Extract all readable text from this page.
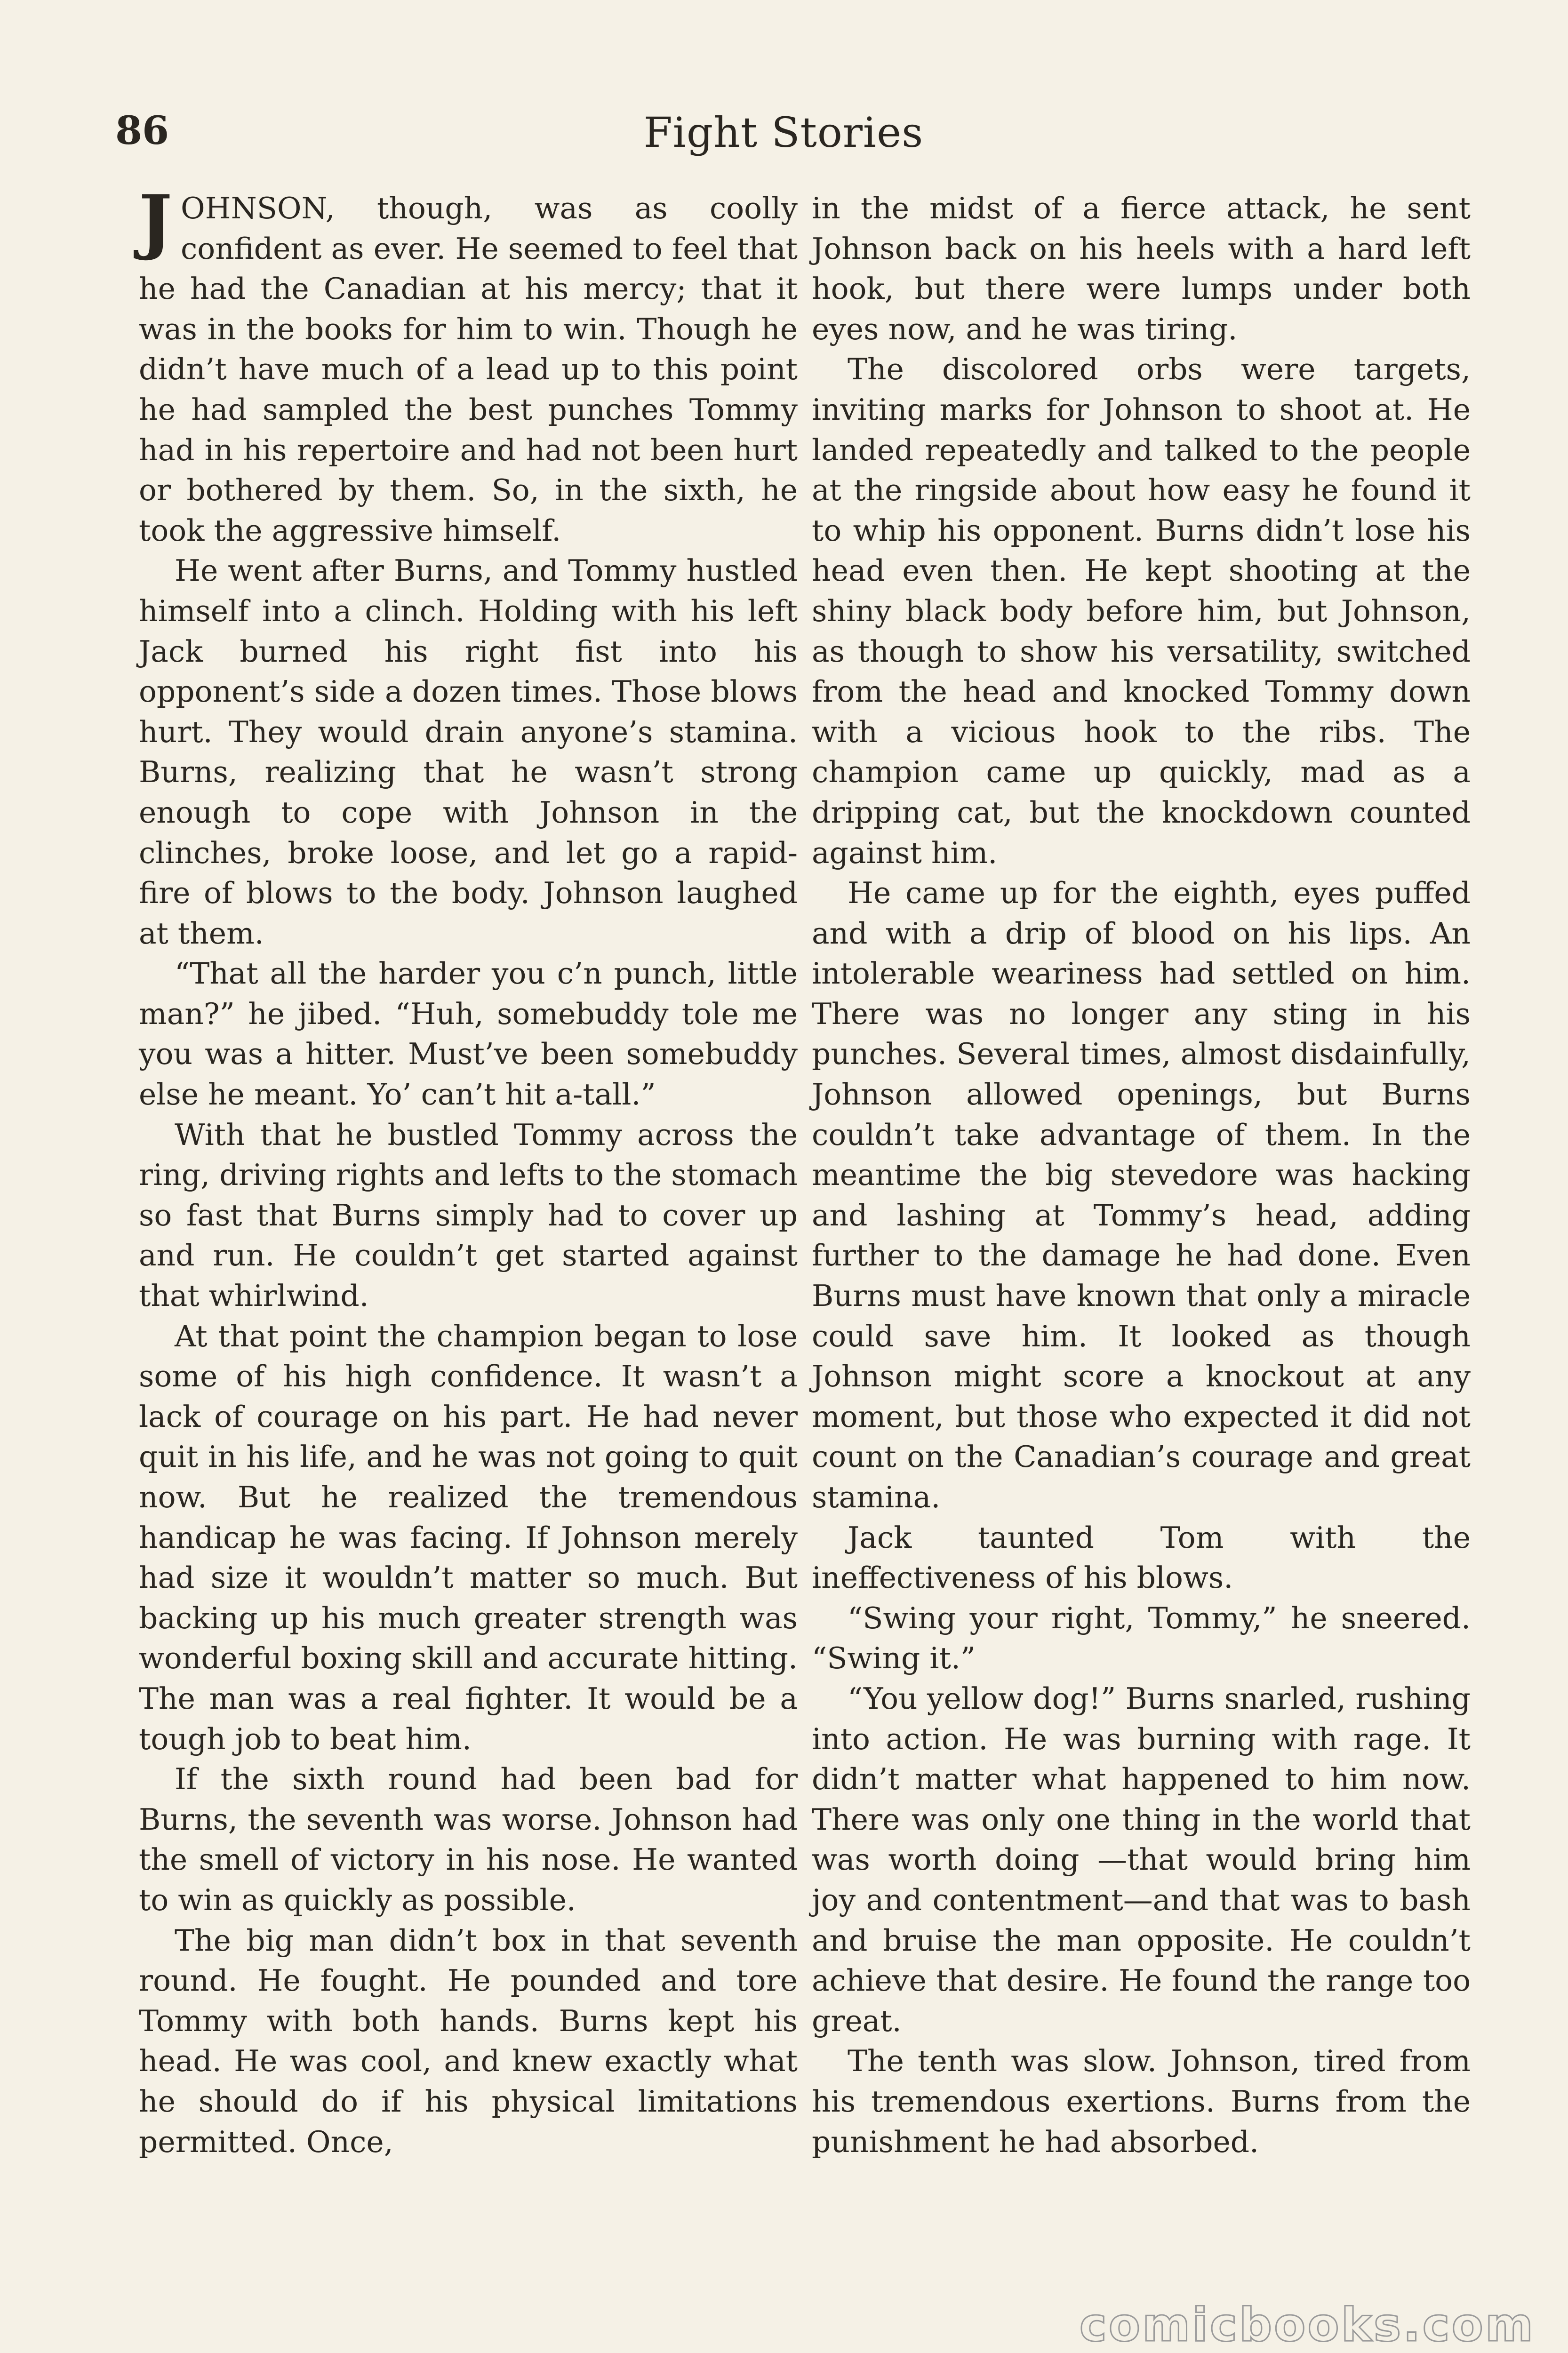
86	Fight Stories

JOHNSON, though, was as coolly confident as ever. He seemed to feel that he had the Canadian at his mercy; that it was in the books for him to win. Though he didn’t have much of a lead up to this point he had sampled the best punches Tommy had in his repertoire and had not been hurt or bothered by them. So, in the sixth, he took the aggressive himself.

He went after Burns, and Tommy hustled himself into a clinch. Holding with his left Jack burned his right fist into his opponent’s side a dozen times. Those blows hurt. They would drain anyone’s stamina. Burns, realizing that he wasn’t strong enough to cope with Johnson in the clinches, broke loose, and let go a rapid-fire of blows to the body. Johnson laughed at them.

“That all the harder you c’n punch, little man?” he jibed. “Huh, somebuddy tole me you was a hitter. Must’ve been somebuddy else he meant. Yo’ can’t hit a-tall.”

With that he bustled Tommy across the ring, driving rights and lefts to the stomach so fast that Burns simply had to cover up and run. He couldn’t get started against that whirlwind.

At that point the champion began to lose some of his high confidence. It wasn’t a lack of courage on his part. He had never quit in his life, and he was not going to quit now. But he realized the tremendous handicap he was facing. If Johnson merely had size it wouldn’t matter so much. But backing up his much greater strength was wonderful boxing skill and accurate hitting. The man was a real fighter. It would be a tough job to beat him.

If the sixth round had been bad for Burns, the seventh was worse. Johnson had the smell of victory in his nose. He wanted to win as quickly as possible.

The big man didn’t box in that seventh round. He fought. He pounded and tore Tommy with both hands. Burns kept his head. He was cool, and knew exactly what he should do if his physical limitations permitted. Once,

in the midst of a fierce attack, he sent Johnson back on his heels with a hard left hook, but there were lumps under both eyes now, and he was tiring.

The discolored orbs were targets, inviting marks for Johnson to shoot at. He landed repeatedly and talked to the people at the ringside about how easy he found it to whip his opponent. Burns didn’t lose his head even then. He kept shooting at the shiny black body before him, but Johnson, as though to show his versatility, switched from the head and knocked Tommy down with a vicious hook to the ribs. The champion came up quickly, mad as a dripping cat, but the knockdown counted against him.

He came up for the eighth, eyes puffed and with a drip of blood on his lips. An intolerable weariness had settled on him. There was no longer any sting in his punches. Several times, almost disdainfully, Johnson allowed openings, but Burns couldn’t take advantage of them. In the meantime the big stevedore was hacking and lashing at Tommy’s head, adding further to the damage he had done. Even Burns must have known that only a miracle could save him. It looked as though Johnson might score a knockout at any moment, but those who expected it did not count on the Canadian’s courage and great stamina.

Jack taunted Tom with the ineffectiveness of his blows.

“Swing your right, Tommy,” he sneered. “Swing it.”

“You yellow dog!” Burns snarled, rushing into action. He was burning with rage. It didn’t matter what happened to him now. There was only one thing in the world that was worth doing —that would bring him joy and contentment—and that was to bash and bruise the man opposite. He couldn’t achieve that desire. He found the range too great.

The tenth was slow. Johnson, tired from his tremendous exertions. Burns from the punishment he had absorbed.

comicbooks.com
